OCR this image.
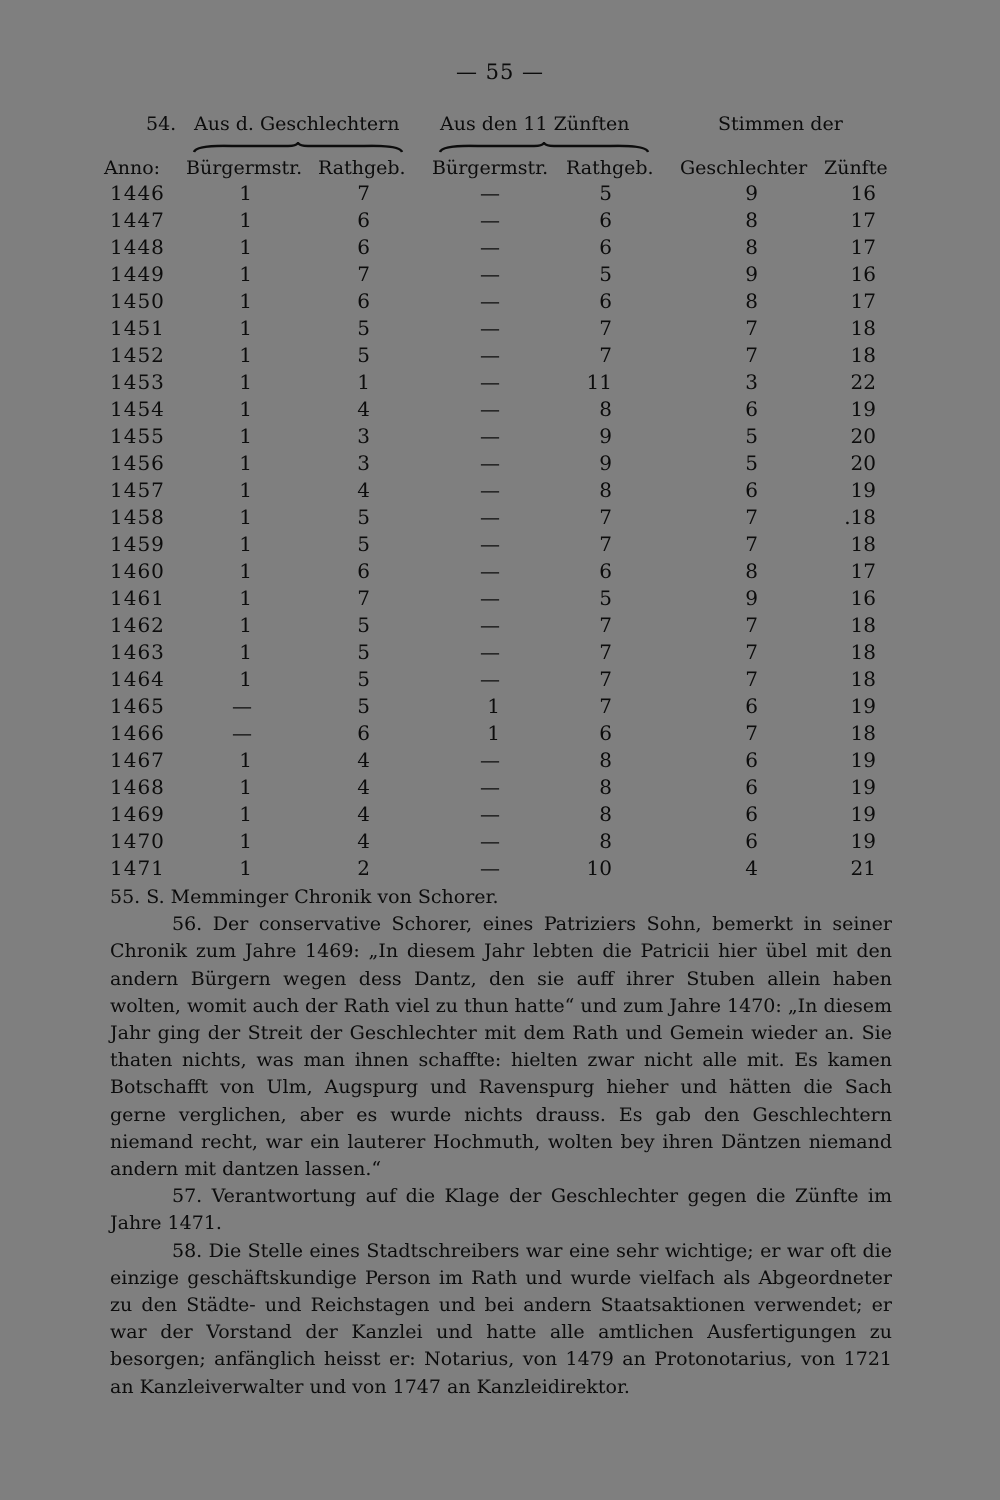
— 55 —
54. Aus d. Geschlechtern Aus den 11 Zünften	Stimmen der
Anno: Bürgermstr. Rathgeb. Bürgermstr. Rathgeb. Geschlechter Zünfte
1446	1	7	—	5	9	16
1447	1	6	—	6	8	17
1448	1	6	—	6	8	17
1449	1	7	—	5	9	16
1450	1	6	—	6	8	17
1451	1	5	—	7	7	18
1452	1	5	—	7	7	18
1453	1	1	—	11	3	22
1454	1	4	—	8	6	19
1455	1	3	—	9	5	20
1456	1	3	—	9	5	20
1457	1	4	—	8	6	19
1458	1	5	—	7	7	.18
1459	1	5	—	7	7	18
1460	1	6	—	6	8	17
1461	1	7	—	5	9	16
1462	1	5	—	7	7	18
1463	1	5	—	7	7	18
1464	1	5	—	7	7	18
1465	—	5	1	7	6	19
1466	—	6	1	6	7	18
1467	1	4	—	8	6	19
1468	1	4	—	8	6	19
1469	1	4	—	8	6	19
1470	1	4	—	8	6	19
1471	1	2	—	10	4	21

55. S. Memminger Chronik von Schorer.

56. Der conservative Schorer, eines Patriziers Sohn, bemerkt in seiner Chronik zum Jahre 1469: „In diesem Jahr lebten die Patricii hier übel mit den andern Bürgern wegen dess Dantz, den sie auff ihrer Stuben allein haben wolten, womit auch der Rath viel zu thun hatte“ und zum Jahre 1470: „In diesem Jahr ging der Streit der Geschlechter mit dem Rath und Gemein wieder an. Sie thaten nichts, was man ihnen schaffte: hielten zwar nicht alle mit. Es kamen Botschafft von Ulm, Augspurg und Ravenspurg hieher und hätten die Sach gerne verglichen, aber es wurde nichts drauss. Es gab den Geschlechtern niemand recht, war ein lauterer Hochmuth, wolten bey ihren Däntzen niemand andern mit dantzen lassen.“

57. Verantwortung auf die Klage der Geschlechter gegen die Zünfte im Jahre 1471.

58. Die Stelle eines Stadtschreibers war eine sehr wichtige; er war oft die einzige geschäftskundige Person im Rath und wurde vielfach als Abgeordneter zu den Städte- und Reichstagen und bei andern Staatsaktionen verwendet; er war der Vorstand der Kanzlei und hatte alle amtlichen Ausfertigungen zu besorgen; anfänglich heisst er: Notarius, von 1479 an Protonotarius, von 1721 an Kanzleiverwalter und von 1747 an Kanzleidirektor.
